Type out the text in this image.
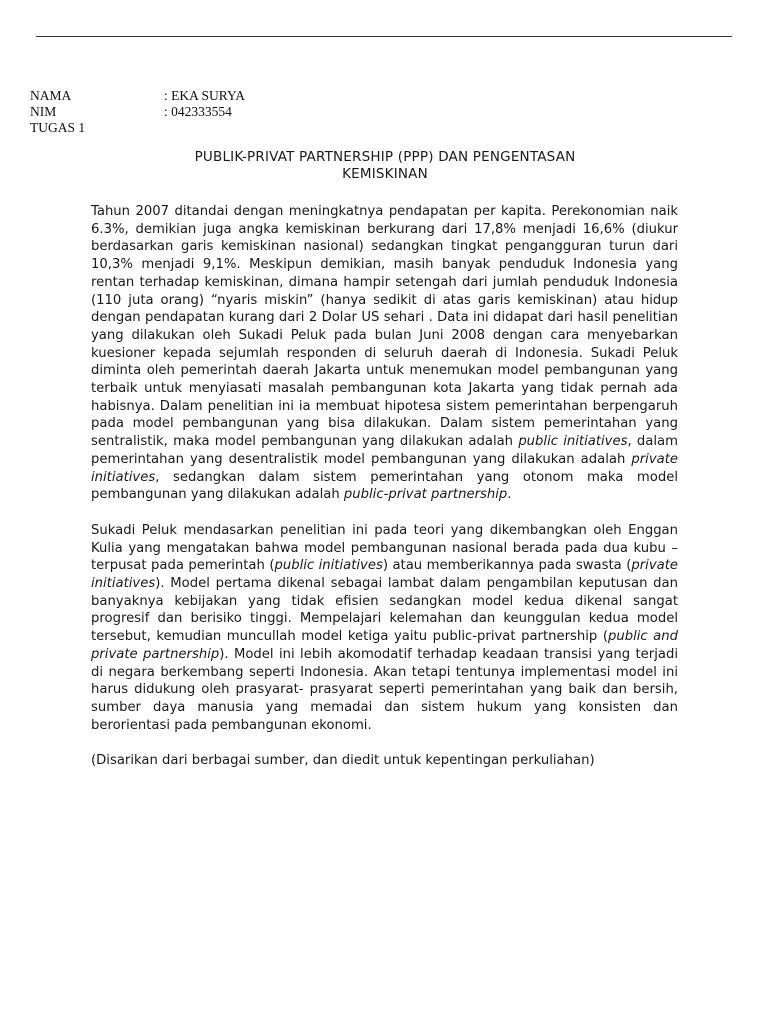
NAMA	: EKA SURYA
NIM	: 042333554
TUGAS 1
PUBLIK-PRIVAT PARTNERSHIP (PPP) DAN PENGENTASAN
KEMISKINAN

Tahun 2007 ditandai dengan meningkatnya pendapatan per kapita. Perekonomian naik 6.3%, demikian juga angka kemiskinan berkurang dari 17,8% menjadi 16,6% (diukur berdasarkan garis kemiskinan nasional) sedangkan tingkat pengangguran turun dari 10,3% menjadi 9,1%. Meskipun demikian, masih banyak penduduk Indonesia yang rentan terhadap kemiskinan, dimana hampir setengah dari jumlah penduduk Indonesia (110 juta orang) “nyaris miskin” (hanya sedikit di atas garis kemiskinan) atau hidup dengan pendapatan kurang dari 2 Dolar US sehari . Data ini didapat dari hasil penelitian yang dilakukan oleh Sukadi Peluk pada bulan Juni 2008 dengan cara menyebarkan kuesioner kepada sejumlah responden di seluruh daerah di Indonesia. Sukadi Peluk diminta oleh pemerintah daerah Jakarta untuk menemukan model pembangunan yang terbaik untuk menyiasati masalah pembangunan kota Jakarta yang tidak pernah ada habisnya. Dalam penelitian ini ia membuat hipotesa sistem pemerintahan berpengaruh pada model pembangunan yang bisa dilakukan. Dalam sistem pemerintahan yang sentralistik, maka model pembangunan yang dilakukan adalah public initiatives, dalam pemerintahan yang desentralistik model pembangunan yang dilakukan adalah private initiatives, sedangkan dalam sistem pemerintahan yang otonom maka model pembangunan yang dilakukan adalah public-privat partnership.

Sukadi Peluk mendasarkan penelitian ini pada teori yang dikembangkan oleh Enggan Kulia yang mengatakan bahwa model pembangunan nasional berada pada dua kubu – terpusat pada pemerintah (public initiatives) atau memberikannya pada swasta (private initiatives). Model pertama dikenal sebagai lambat dalam pengambilan keputusan dan banyaknya kebijakan yang tidak efisien sedangkan model kedua dikenal sangat progresif dan berisiko tinggi. Mempelajari kelemahan dan keunggulan kedua model tersebut, kemudian muncullah model ketiga yaitu public-privat partnership (public and private partnership). Model ini lebih akomodatif terhadap keadaan transisi yang terjadi di negara berkembang seperti Indonesia. Akan tetapi tentunya implementasi model ini harus didukung oleh prasyarat- prasyarat seperti pemerintahan yang baik dan bersih, sumber daya manusia yang memadai dan sistem hukum yang konsisten dan berorientasi pada pembangunan ekonomi.

(Disarikan dari berbagai sumber, dan diedit untuk kepentingan perkuliahan)
